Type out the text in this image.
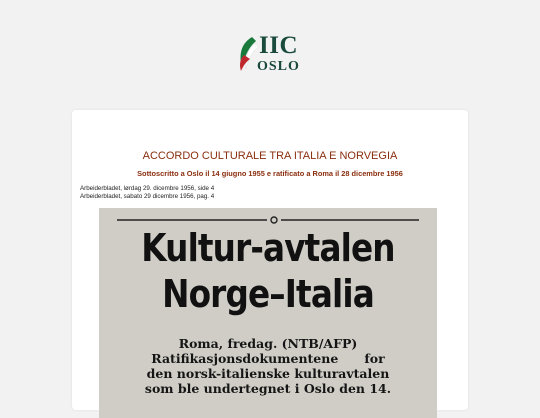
IIC
OSLO
ACCORDO CULTURALE TRA ITALIA E NORVEGIA
Sottoscritto a Oslo il 14 giugno 1955 e ratificato a Roma il 28 dicembre 1956
Arbeiderbladet, lørdag 29. dicembre 1956, side 4
Arbeiderbladet, sabato 29 dicembre 1956, pag. 4
Kultur-avtalen
Norge–Italia
Roma, fredag. (NTB/AFP)
Ratifikasjonsdokumentene      for
den norsk-italienske kulturavtalen
som ble undertegnet i Oslo den 14.
